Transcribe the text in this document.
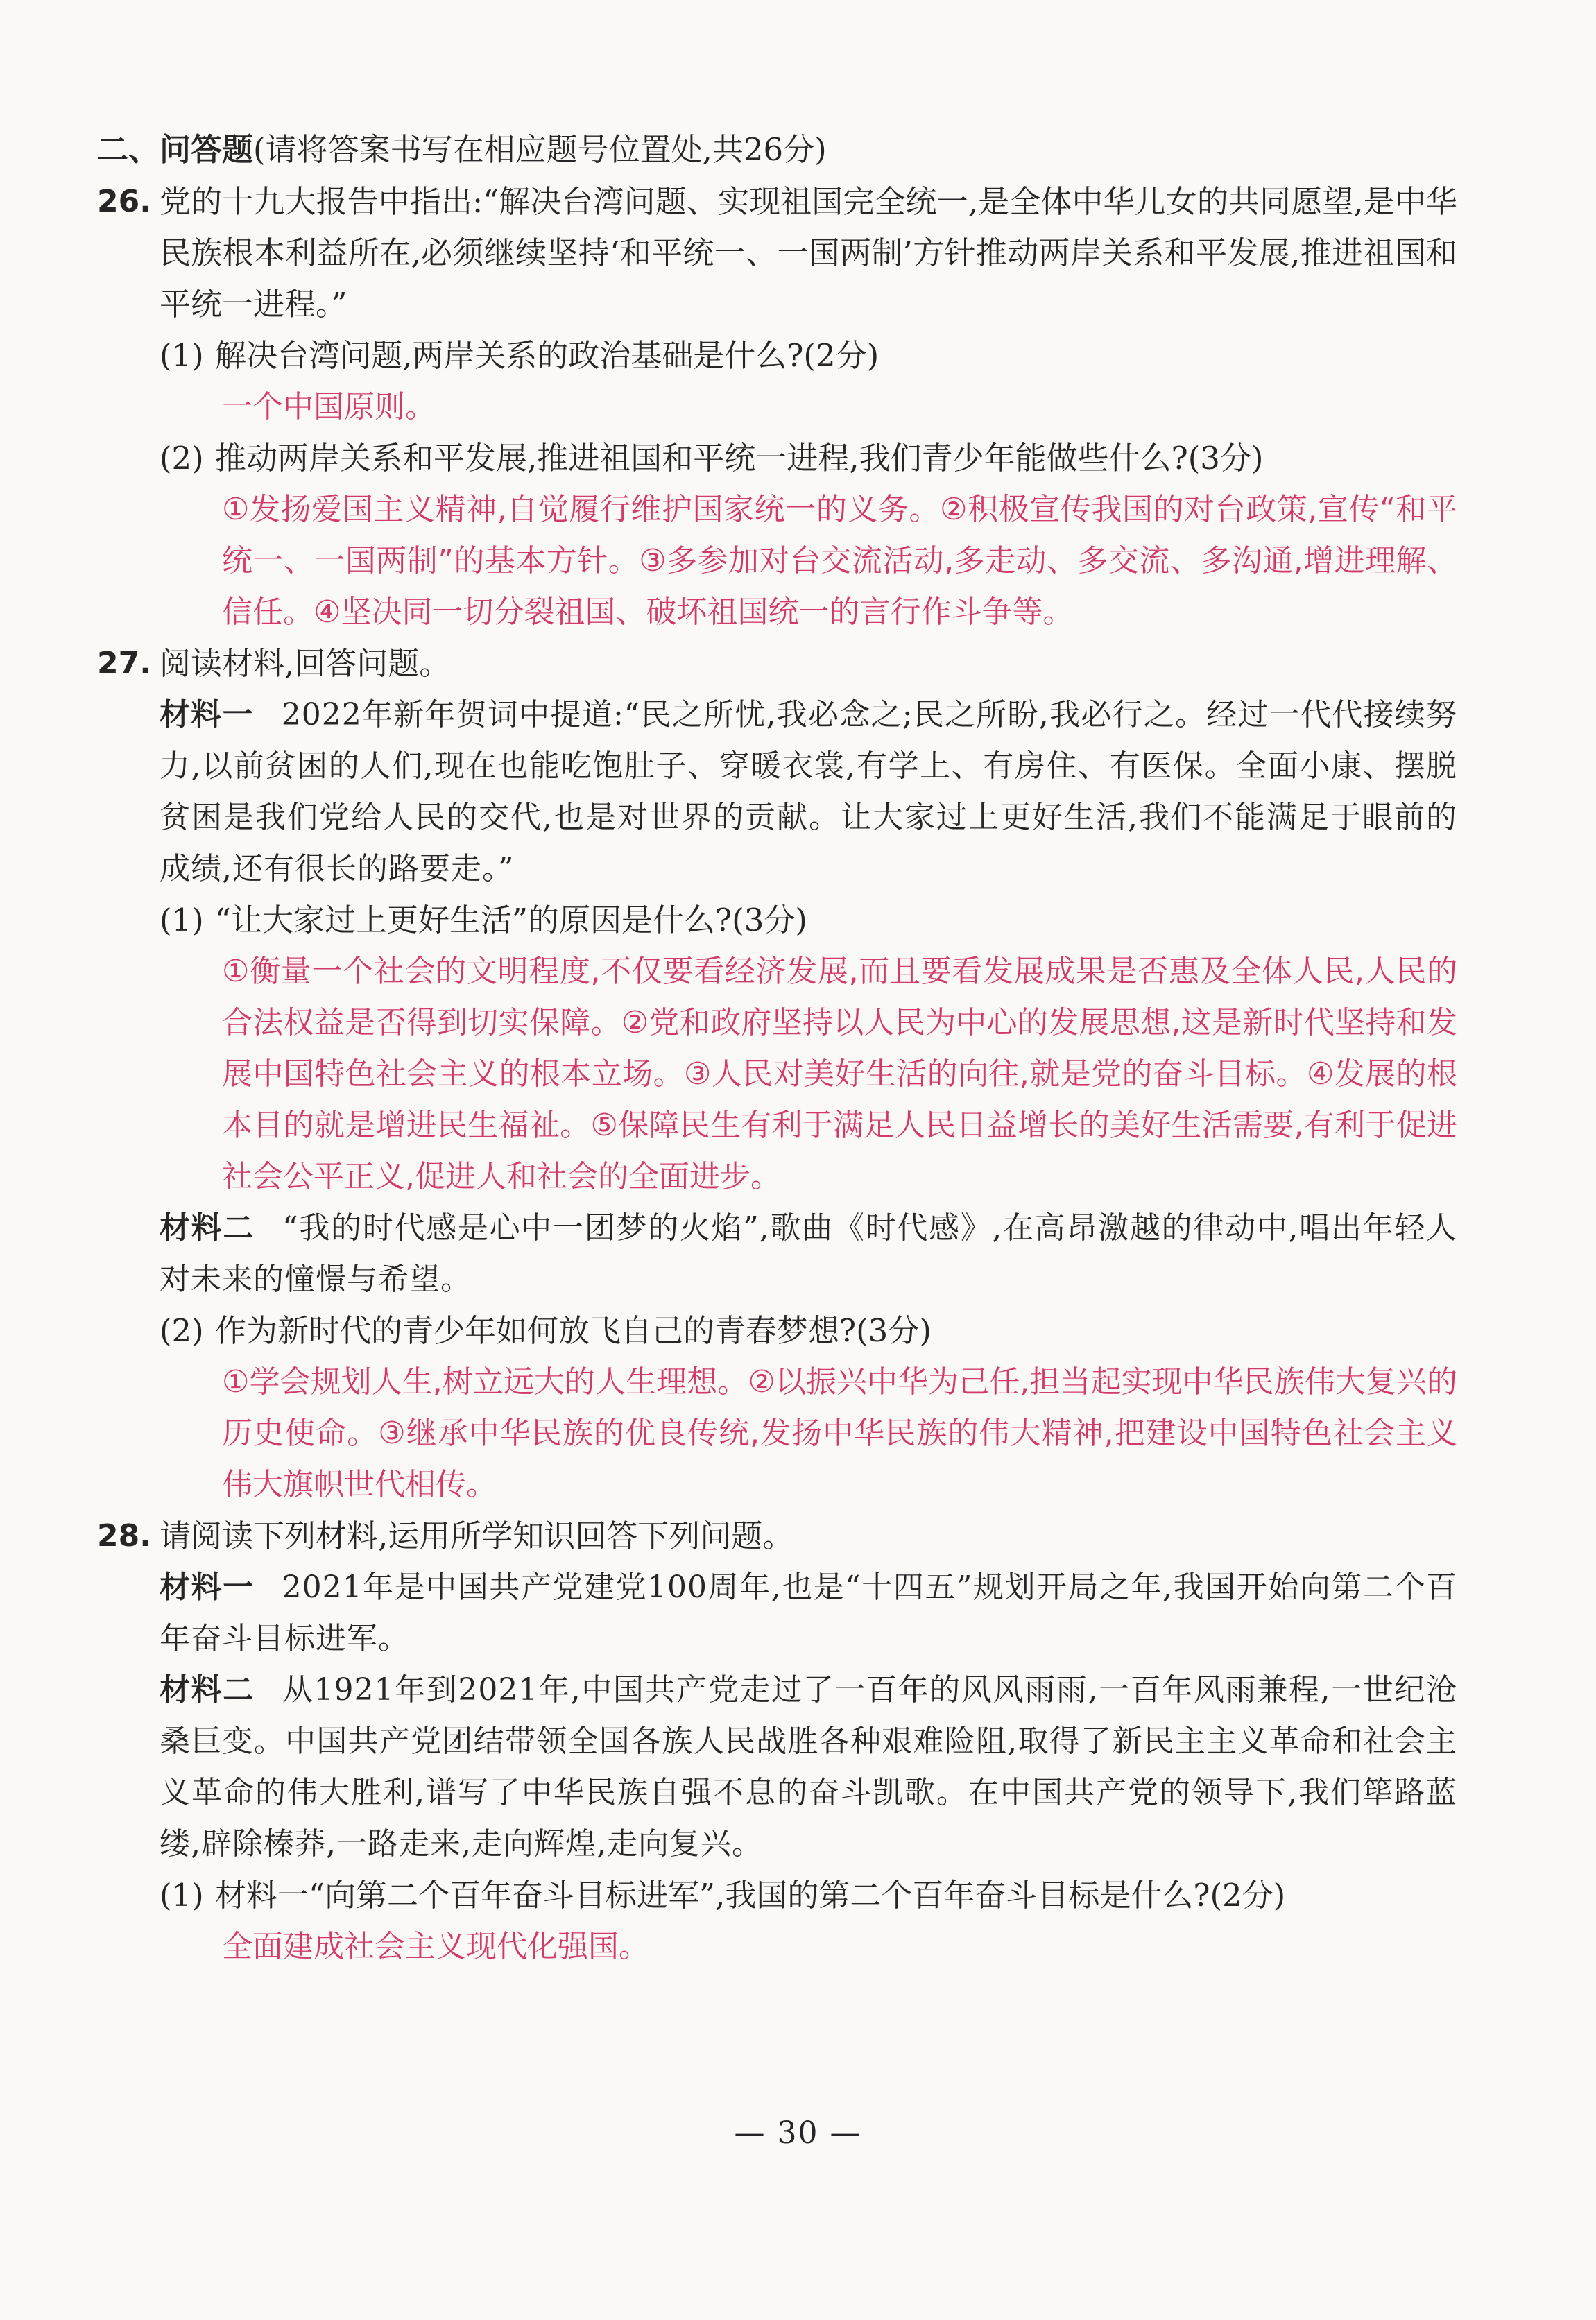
二、问答题(请将答案书写在相应题号位置处,共26分)
26. 党的十九大报告中指出:“解决台湾问题、实现祖国完全统一,是全体中华儿女的共同愿望,是中华民族根本利益所在,必须继续坚持‘和平统一、一国两制’方针推动两岸关系和平发展,推进祖国和平统一进程。”
(1) 解决台湾问题,两岸关系的政治基础是什么?(2分)
一个中国原则。
(2) 推动两岸关系和平发展,推进祖国和平统一进程,我们青少年能做些什么?(3分)
①发扬爱国主义精神,自觉履行维护国家统一的义务。②积极宣传我国的对台政策,宣传“和平统一、一国两制”的基本方针。③多参加对台交流活动,多走动、多交流、多沟通,增进理解、信任。④坚决同一切分裂祖国、破坏祖国统一的言行作斗争等。
27. 阅读材料,回答问题。
材料一 2022年新年贺词中提道:“民之所忧,我必念之;民之所盼,我必行之。经过一代代接续努力,以前贫困的人们,现在也能吃饱肚子、穿暖衣裳,有学上、有房住、有医保。全面小康、摆脱贫困是我们党给人民的交代,也是对世界的贡献。让大家过上更好生活,我们不能满足于眼前的成绩,还有很长的路要走。”
(1) “让大家过上更好生活”的原因是什么?(3分)
①衡量一个社会的文明程度,不仅要看经济发展,而且要看发展成果是否惠及全体人民,人民的合法权益是否得到切实保障。②党和政府坚持以人民为中心的发展思想,这是新时代坚持和发展中国特色社会主义的根本立场。③人民对美好生活的向往,就是党的奋斗目标。④发展的根本目的就是增进民生福祉。⑤保障民生有利于满足人民日益增长的美好生活需要,有利于促进社会公平正义,促进人和社会的全面进步。
材料二 “我的时代感是心中一团梦的火焰”,歌曲《时代感》,在高昂激越的律动中,唱出年轻人对未来的憧憬与希望。
(2) 作为新时代的青少年如何放飞自己的青春梦想?(3分)
①学会规划人生,树立远大的人生理想。②以振兴中华为己任,担当起实现中华民族伟大复兴的历史使命。③继承中华民族的优良传统,发扬中华民族的伟大精神,把建设中国特色社会主义伟大旗帜世代相传。
28. 请阅读下列材料,运用所学知识回答下列问题。
材料一 2021年是中国共产党建党100周年,也是“十四五”规划开局之年,我国开始向第二个百年奋斗目标进军。
材料二 从1921年到2021年,中国共产党走过了一百年的风风雨雨,一百年风雨兼程,一世纪沧桑巨变。中国共产党团结带领全国各族人民战胜各种艰难险阻,取得了新民主主义革命和社会主义革命的伟大胜利,谱写了中华民族自强不息的奋斗凯歌。在中国共产党的领导下,我们筚路蓝缕,辟除榛莽,一路走来,走向辉煌,走向复兴。
(1) 材料一“向第二个百年奋斗目标进军”,我国的第二个百年奋斗目标是什么?(2分)
全面建成社会主义现代化强国。
— 30 —
